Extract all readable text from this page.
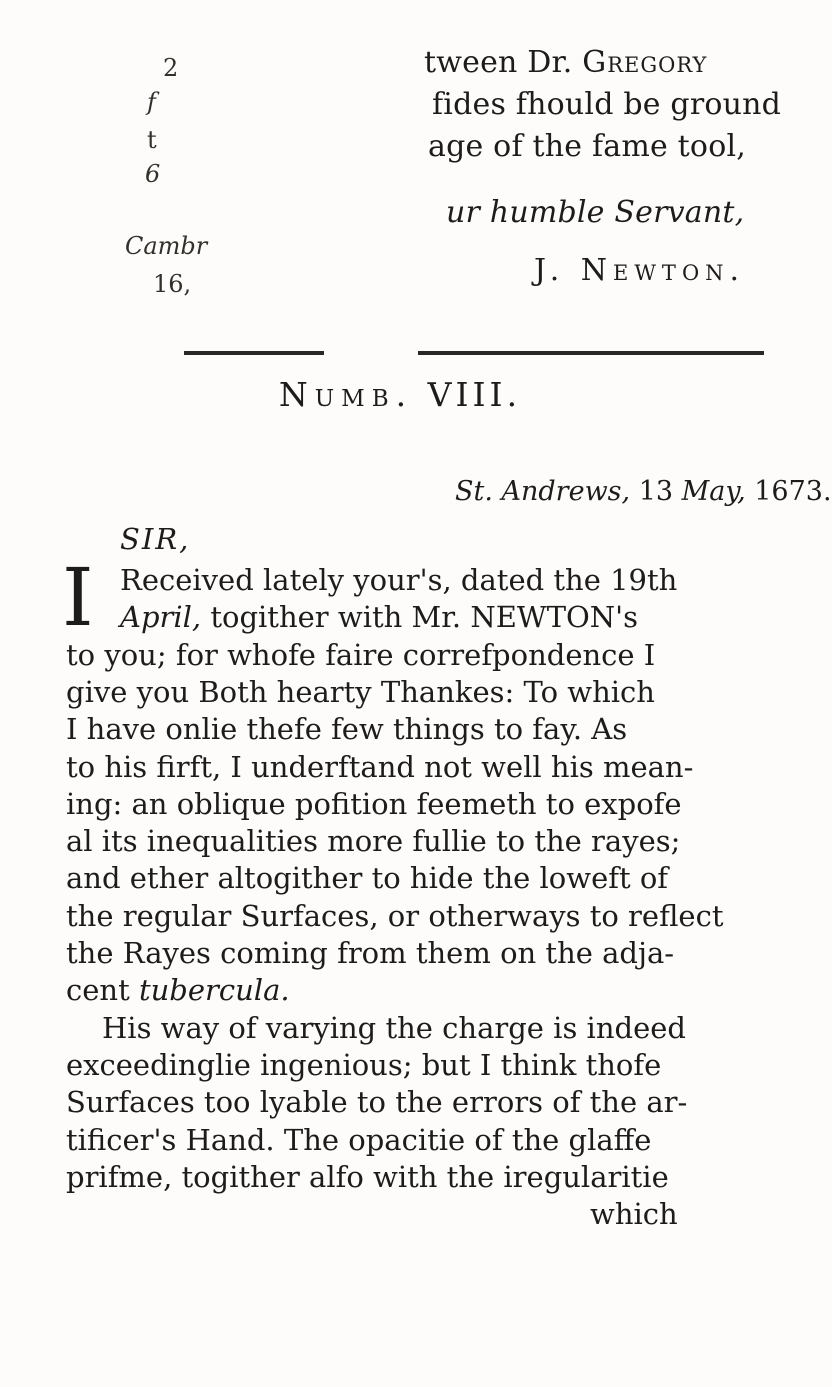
2
f
t
6
Cambr
16,
tween Dr. Gregory
fides fhould be ground
age of the fame tool,
ur humble Servant,
J. Newton.
Numb. VIII.
St. Andrews, 13 May, 1673.
SIR,
I Received lately your's, dated the 19th
April, togither with Mr. NEWTON's
to you; for whofe faire correfpondence I
give you Both hearty Thankes: To which
I have onlie thefe few things to fay. As
to his firft, I underftand not well his mean-
ing: an oblique pofition feemeth to expofe
al its inequalities more fullie to the rayes;
and ether altogither to hide the loweft of
the regular Surfaces, or otherways to reflect
the Rayes coming from them on the adja-
cent tubercula.
His way of varying the charge is indeed
exceedinglie ingenious; but I think thofe
Surfaces too lyable to the errors of the ar-
tificer's Hand. The opacitie of the glaffe
prifme, togither alfo with the iregularitie
which
